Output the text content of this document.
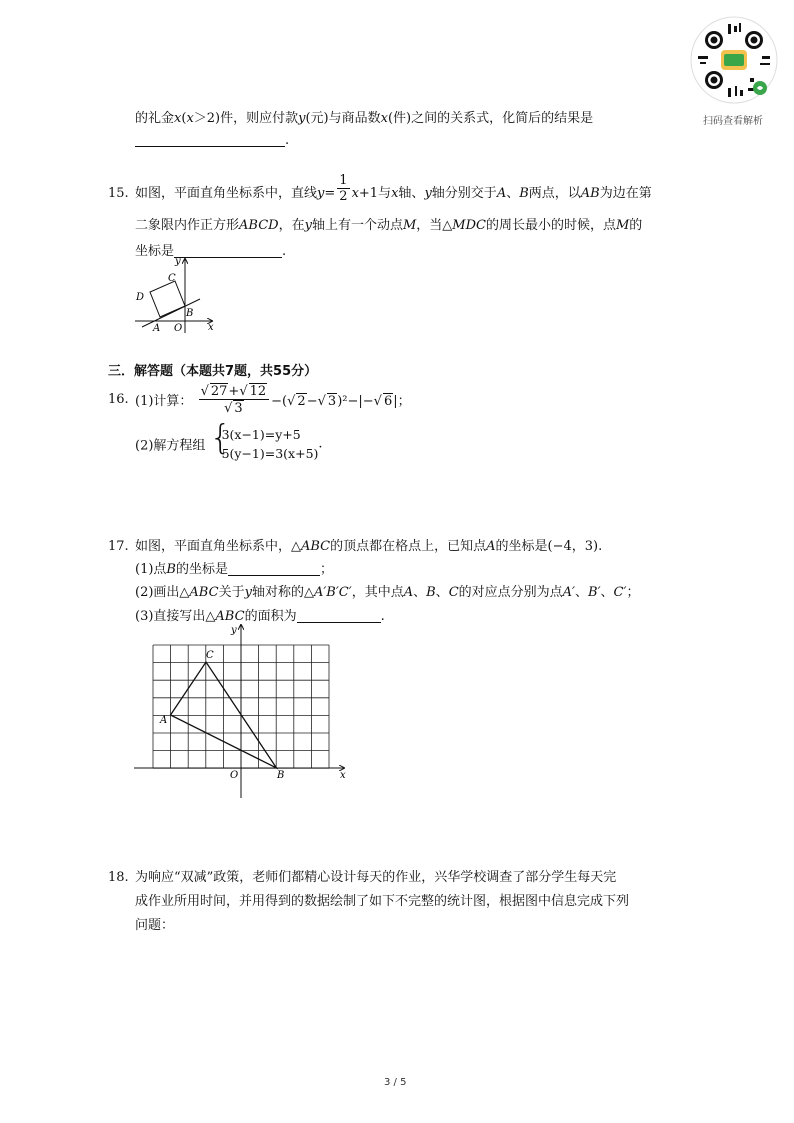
扫码查看解析
的礼金x(x＞2)件，则应付款y(元)与商品数x(件)之间的关系式，化简后的结果是
.
15. 如图，平面直角坐标系中，直线$y= \frac{1}{2} x+1$与x轴、y轴分别交于A、B两点，以AB为边在第
二象限内作正方形ABCD，在y轴上有一个动点M，当△MDC的周长最小的时候，点M的
坐标是	.
y
x
C
D
B
A O
三．解答题（本题共7题，共55分）
16. (1)计算： $\frac{√ 27+√ 12}{√ 3}$ −(√ 2−√ 3)²−|−√ 6|；
(2)解方程组 {
3(x−1)=y+5
5(y−1)=3(x+5)
.
17. 如图，平面直角坐标系中，△ABC的顶点都在格点上，已知点A的坐标是(−4，3).
(1)点B的坐标是	；
(2)画出△ABC关于y轴对称的△A′B′C′，其中点A、B、C的对应点分别为点A′、B′、C′；
(3)直接写出△ABC的面积为	.
y
x
C
A
O	B
18. 为响应“双减”政策，老师们都精心设计每天的作业，兴华学校调查了部分学生每天完
成作业所用时间，并用得到的数据绘制了如下不完整的统计图，根据图中信息完成下列
问题：
3 / 5
